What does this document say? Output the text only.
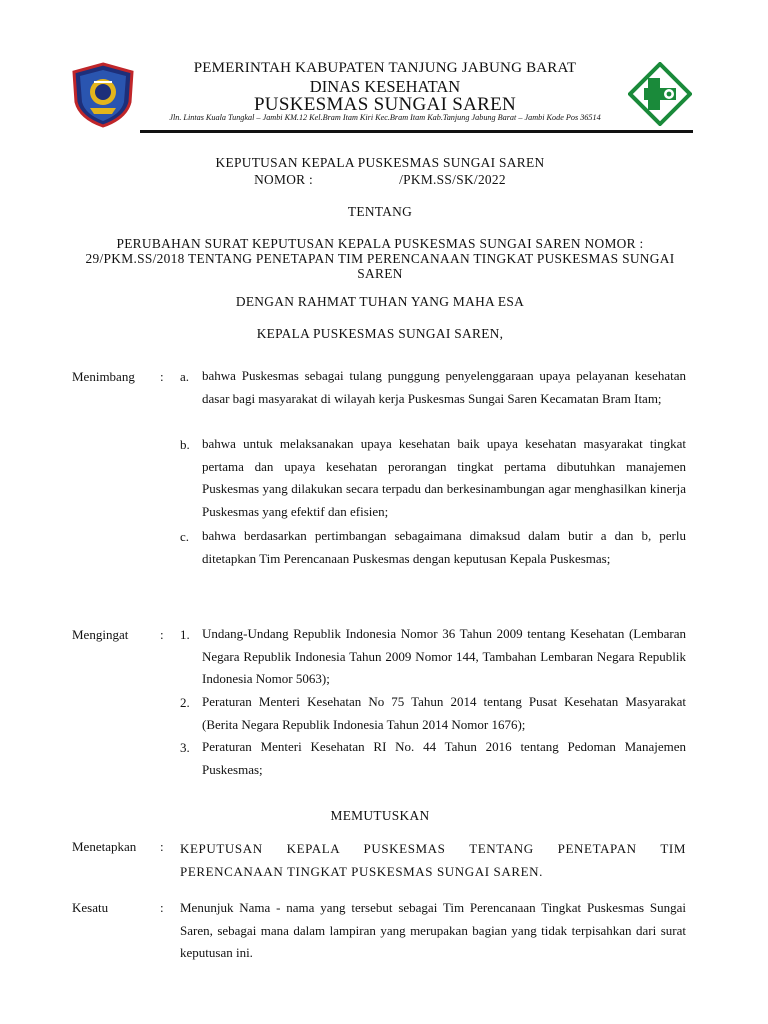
PEMERINTAH KABUPATEN TANJUNG JABUNG BARAT
DINAS KESEHATAN
PUSKESMAS SUNGAI SAREN
Jln. Lintas Kuala Tungkal – Jambi KM.12 Kel.Bram Itam Kiri Kec.Bram Itam Kab.Tanjung Jabung Barat – Jambi Kode Pos 36514
KEPUTUSAN KEPALA PUSKESMAS SUNGAI SAREN
NOMOR :	/PKM.SS/SK/2022
TENTANG
PERUBAHAN SURAT KEPUTUSAN KEPALA PUSKESMAS SUNGAI SAREN NOMOR : 29/PKM.SS/2018 TENTANG PENETAPAN TIM PERENCANAAN TINGKAT PUSKESMAS SUNGAI SAREN
DENGAN RAHMAT TUHAN YANG MAHA ESA
KEPALA PUSKESMAS SUNGAI SAREN,
Menimbang : a. bahwa Puskesmas sebagai tulang punggung penyelenggaraan upaya pelayanan kesehatan dasar bagi masyarakat di wilayah kerja Puskesmas Sungai Saren Kecamatan Bram Itam;
b. bahwa untuk melaksanakan upaya kesehatan baik upaya kesehatan masyarakat tingkat pertama dan upaya kesehatan perorangan tingkat pertama dibutuhkan manajemen Puskesmas yang dilakukan secara terpadu dan berkesinambungan agar menghasilkan kinerja Puskesmas yang efektif dan efisien;
c. bahwa berdasarkan pertimbangan sebagaimana dimaksud dalam butir a dan b, perlu ditetapkan Tim Perencanaan Puskesmas dengan keputusan Kepala Puskesmas;
Mengingat : 1. Undang-Undang Republik Indonesia Nomor 36 Tahun 2009 tentang Kesehatan (Lembaran Negara Republik Indonesia Tahun 2009 Nomor 144, Tambahan Lembaran Negara Republik Indonesia Nomor 5063);
2. Peraturan Menteri Kesehatan No 75 Tahun 2014 tentang Pusat Kesehatan Masyarakat (Berita Negara Republik Indonesia Tahun 2014 Nomor 1676);
3. Peraturan Menteri Kesehatan RI No. 44 Tahun 2016 tentang Pedoman Manajemen Puskesmas;
MEMUTUSKAN
Menetapkan : KEPUTUSAN KEPALA PUSKESMAS TENTANG PENETAPAN TIM PERENCANAAN TINGKAT PUSKESMAS SUNGAI SAREN.
Kesatu	: Menunjuk Nama - nama yang tersebut sebagai Tim Perencanaan Tingkat Puskesmas Sungai Saren, sebagai mana dalam lampiran yang merupakan bagian yang tidak terpisahkan dari surat keputusan ini.
